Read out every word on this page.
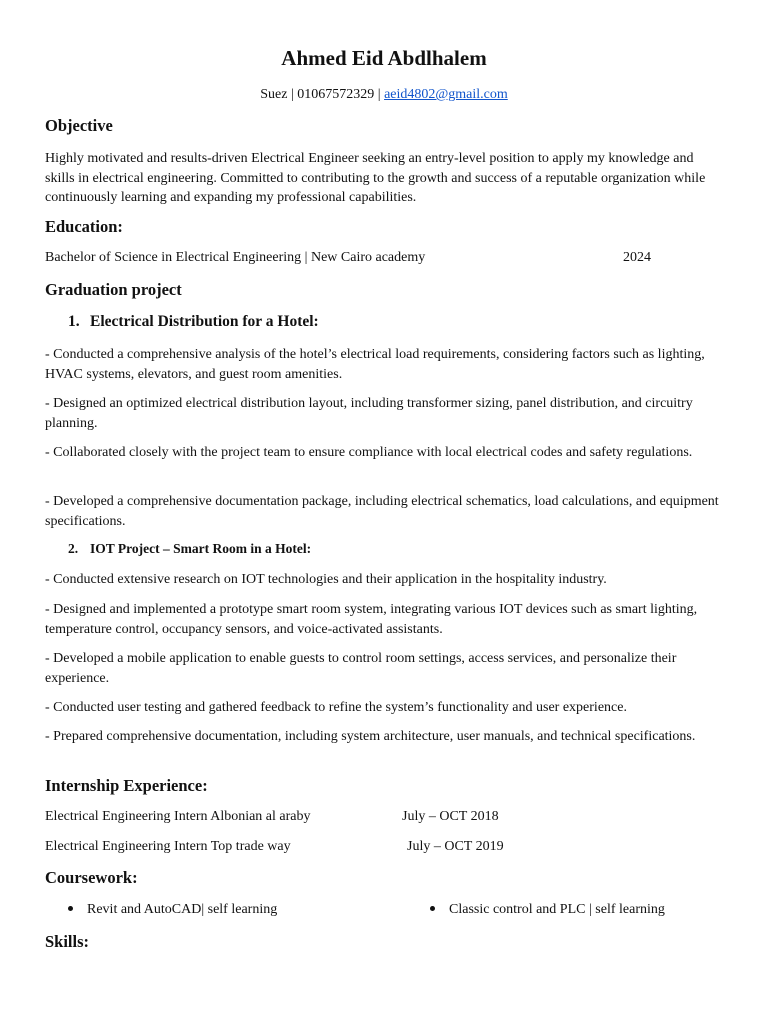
Ahmed Eid Abdlhalem
Suez | 01067572329 | aeid4802@gmail.com
Objective
Highly motivated and results-driven Electrical Engineer seeking an entry-level position to apply my knowledge and skills in electrical engineering. Committed to contributing to the growth and success of a reputable organization while continuously learning and expanding my professional capabilities.
Education:
Bachelor of Science in Electrical Engineering | New Cairo academy	2024
Graduation project
1. Electrical Distribution for a Hotel:
- Conducted a comprehensive analysis of the hotel’s electrical load requirements, considering factors such as lighting, HVAC systems, elevators, and guest room amenities.
- Designed an optimized electrical distribution layout, including transformer sizing, panel distribution, and circuitry planning.
- Collaborated closely with the project team to ensure compliance with local electrical codes and safety regulations.
- Developed a comprehensive documentation package, including electrical schematics, load calculations, and equipment specifications.
2. IOT Project – Smart Room in a Hotel:
- Conducted extensive research on IOT technologies and their application in the hospitality industry.
- Designed and implemented a prototype smart room system, integrating various IOT devices such as smart lighting, temperature control, occupancy sensors, and voice-activated assistants.
- Developed a mobile application to enable guests to control room settings, access services, and personalize their experience.
- Conducted user testing and gathered feedback to refine the system’s functionality and user experience.
- Prepared comprehensive documentation, including system architecture, user manuals, and technical specifications.
Internship Experience:
Electrical Engineering Intern Albonian al araby	July – OCT 2018
Electrical Engineering Intern Top trade way	July – OCT 2019
Coursework:
Revit and AutoCAD| self learning	Classic control and PLC | self learning
Skills:
